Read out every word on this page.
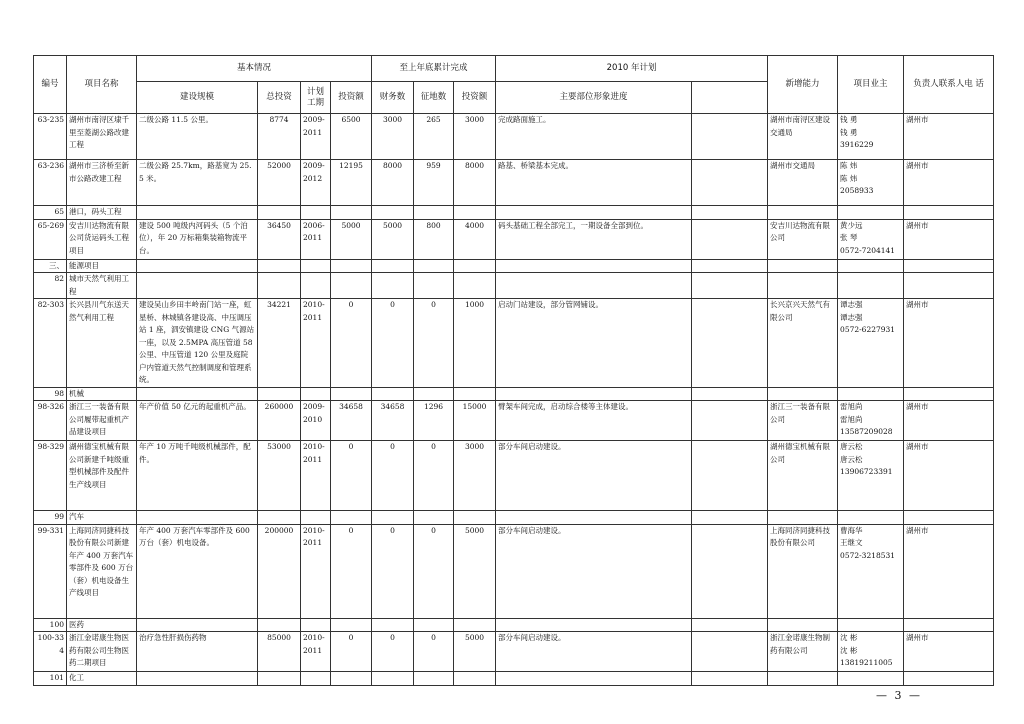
编号	项目名称	基本情况				至上年底累计完成			2010 年计划		新增能力	项目业主	负责人联系人电 话
		建设规模	总投资	计划工期	投资额	财务数	征地数	投资额	主要部位形象进度				
63-235	湖州市南浔区埭千里至菱湖公路改建工程	二级公路 11.5 公里。	8774	2009-2011	6500	3000	265	3000	完成路面施工。		湖州市南浔区建设交通局	钱 勇
钱 勇
3916229	湖州市
63-236	湖州市三济桥至新市公路改建工程	二级公路 25.7km，路基宽为 25.5 米。	52000	2009-2012	12195	8000	959	8000	路基、桥梁基本完成。		湖州市交通局	陈 炜
陈 炜
2058933	湖州市
65	港口，码头工程												
65-269	安吉川达物流有限公司货运码头工程项目	建设 500 吨级内河码头（5 个泊位），年 20 万标箱集装箱物流平台。	36450	2006-2011	5000	5000	800	4000	码头基础工程全部完工，一期设备全部到位。		安吉川达物流有限公司	黄少远
张 琴
0572-7204141	湖州市
三、	能源项目												
82	城市天然气利用工程												
82-303	长兴县川气东送天然气利用工程	建设吴山乡田丰岭南门站一座，虹星桥、林城镇各建设高、中压调压站 1 座，泗安镇建设 CNG 气源站一座，以及 2.5MPA 高压管道 58 公里、中压管道 120 公里及庭院户内管道天然气控制调度和管理系统。	34221	2010-2011	0	0	0	1000	启动门站建设，部分管网铺设。		长兴京兴天然气有限公司	谭志强
谭志强
0572-6227931	湖州市
98	机械												
98-326	浙江三一装备有限公司履带起重机产品建设项目	年产价值 50 亿元的起重机产品。	260000	2009-2010	34658	34658	1296	15000	臂架车间完成，启动综合楼等主体建设。		浙江三一装备有限公司	雷旭尚
雷旭尚
13587209028	湖州市
98-329	湖州德宝机械有限公司新建千吨级重型机械部件及配件生产线项目	年产 10 万吨千吨级机械部件，配件。	53000	2010-2011	0	0	0	3000	部分车间启动建设。		湖州德宝机械有限公司	唐云松
唐云松
13906723391	湖州市
99	汽车												
99-331	上海同济同捷科技股份有限公司新建年产 400 万套汽车零部件及 600 万台（套）机电设备生产线项目	年产 400 万套汽车零部件及 600 万台（套）机电设备。	200000	2010-2011	0	0	0	5000	部分车间启动建设。		上海同济同捷科技股份有限公司	曹海华
王继文
0572-3218531	湖州市
100	医药												
100-334	浙江金诺康生物医药有限公司生物医药二期项目	治疗急性肝损伤药物	85000	2010-2011	0	0	0	5000	部分车间启动建设。		浙江金诺康生物制药有限公司	沈 彬
沈 彬
13819211005	湖州市
101	化工												
— 3 —
